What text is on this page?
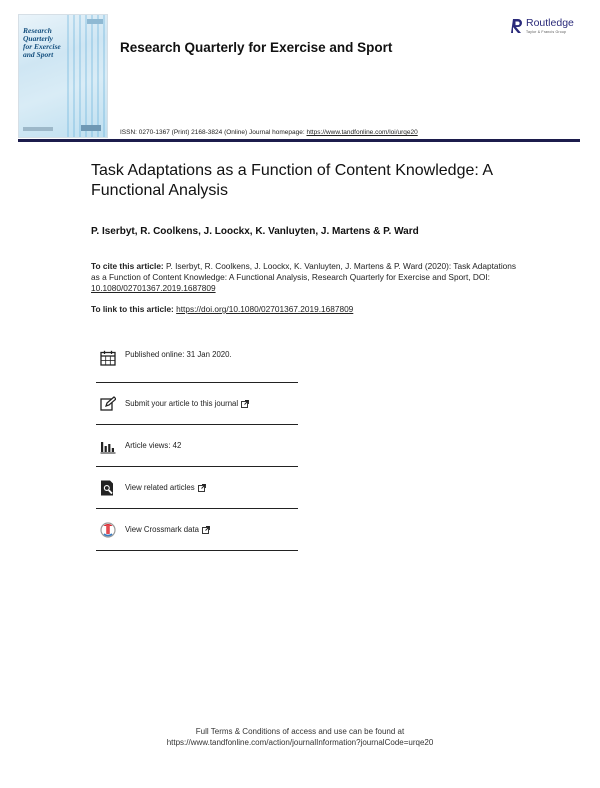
Research
Quarterly
for Exercise
and Sport	Research Quarterly for Exercise and Sport
Routledge
Taylor & Francis Group
ISSN: 0270-1367 (Print) 2168-3824 (Online) Journal homepage: https://www.tandfonline.com/loi/urqe20
Task Adaptations as a Function of Content Knowledge: A Functional Analysis
P. Iserbyt, R. Coolkens, J. Loockx, K. Vanluyten, J. Martens & P. Ward
To cite this article: P. Iserbyt, R. Coolkens, J. Loockx, K. Vanluyten, J. Martens & P. Ward (2020): Task Adaptations as a Function of Content Knowledge: A Functional Analysis, Research Quarterly for Exercise and Sport, DOI: 10.1080/02701367.2019.1687809
To link to this article: https://doi.org/10.1080/02701367.2019.1687809
Published online: 31 Jan 2020.
Submit your article to this journal
Article views: 42
View related articles
View Crossmark data
Full Terms & Conditions of access and use can be found at
https://www.tandfonline.com/action/journalInformation?journalCode=urqe20
